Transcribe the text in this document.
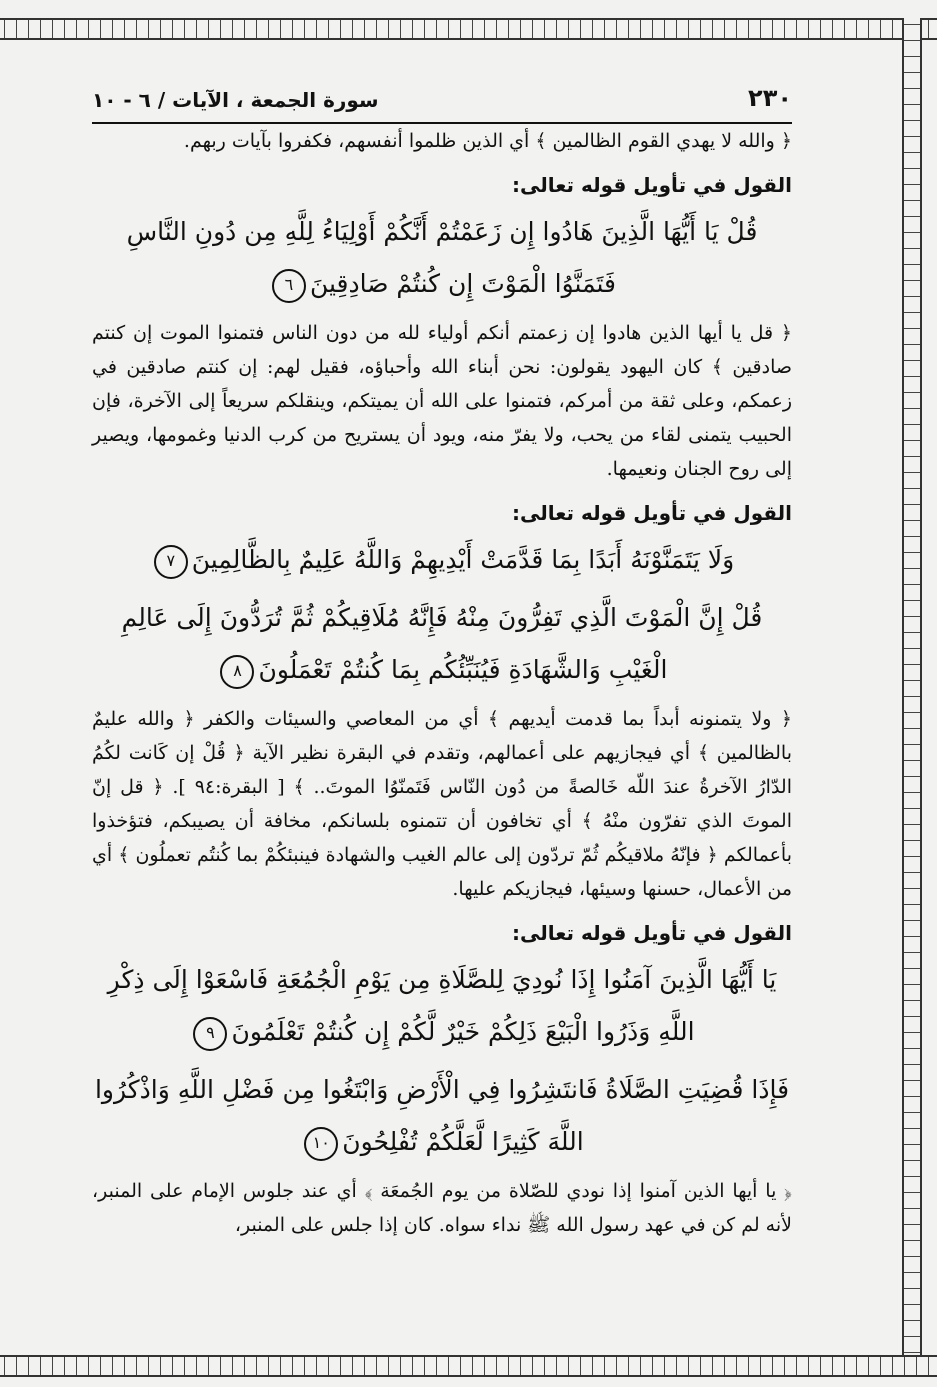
٢٣٠
سورة الجمعة ، الآيات / ٦ - ١٠

﴿ والله لا يهدي القوم الظالمين ﴾ أي الذين ظلموا أنفسهم، فكفروا بآيات ربهم.

القول في تأويل قوله تعالى:
قُلْ يَا أَيُّهَا الَّذِينَ هَادُوا إِن زَعَمْتُمْ أَنَّكُمْ أَوْلِيَاءُ لِلَّهِ مِن دُونِ النَّاسِ فَتَمَنَّوُا الْمَوْتَ إِن كُنتُمْ صَادِقِينَ٦

﴿ قل يا أيها الذين هادوا إن زعمتم أنكم أولياء لله من دون الناس فتمنوا الموت إن كنتم صادقين ﴾ كان اليهود يقولون: نحن أبناء الله وأحباؤه، فقيل لهم: إن كنتم صادقين في زعمكم، وعلى ثقة من أمركم، فتمنوا على الله أن يميتكم، وينقلكم سريعاً إلى الآخرة، فإن الحبيب يتمنى لقاء من يحب، ولا يفرّ منه، ويود أن يستريح من كرب الدنيا وغمومها، ويصير إلى روح الجنان ونعيمها.

القول في تأويل قوله تعالى:
وَلَا يَتَمَنَّوْنَهُ أَبَدًا بِمَا قَدَّمَتْ أَيْدِيهِمْ وَاللَّهُ عَلِيمٌ بِالظَّالِمِينَ٧
قُلْ إِنَّ الْمَوْتَ الَّذِي تَفِرُّونَ مِنْهُ فَإِنَّهُ مُلَاقِيكُمْ ثُمَّ تُرَدُّونَ إِلَى عَالِمِ الْغَيْبِ وَالشَّهَادَةِ فَيُنَبِّئُكُم بِمَا كُنتُمْ تَعْمَلُونَ٨

﴿ ولا يتمنونه أبداً بما قدمت أيديهم ﴾ أي من المعاصي والسيئات والكفر ﴿ والله عليمٌ بالظالمين ﴾ أي فيجازيهم على أعمالهم، وتقدم في البقرة نظير الآية ﴿ قُلْ إن كَانت لكُمُ الدّارُ الآخرةُ عندَ اللّه خَالصةً من دُون النّاس فَتَمنّوُا الموتَ.. ﴾ [ البقرة:٩٤ ]. ﴿ قل إنّ الموتَ الذي تفرّون منْهُ ﴾ أي تخافون أن تتمنوه بلسانكم، مخافة أن يصيبكم، فتؤخذوا بأعمالكم ﴿ فإنّهُ ملاقيكُم ثُمّ تردّون إلى عالم الغيب والشهادة فينبئكُمْ بما كُنتُم تعملُون ﴾ أي من الأعمال، حسنها وسيئها، فيجازيكم عليها.

القول في تأويل قوله تعالى:
يَا أَيُّهَا الَّذِينَ آمَنُوا إِذَا نُودِيَ لِلصَّلَاةِ مِن يَوْمِ الْجُمُعَةِ فَاسْعَوْا إِلَى ذِكْرِ اللَّهِ وَذَرُوا الْبَيْعَ ذَلِكُمْ خَيْرٌ لَّكُمْ إِن كُنتُمْ تَعْلَمُونَ٩
فَإِذَا قُضِيَتِ الصَّلَاةُ فَانتَشِرُوا فِي الْأَرْضِ وَابْتَغُوا مِن فَضْلِ اللَّهِ وَاذْكُرُوا اللَّهَ كَثِيرًا لَّعَلَّكُمْ تُفْلِحُونَ١٠

﴿ يا أيها الذين آمنوا إذا نودي للصّلاة من يوم الجُمعَة ﴾ أي عند جلوس الإمام على المنبر، لأنه لم كن في عهد رسول الله ﷺ نداء سواه. كان إذا جلس على المنبر،
